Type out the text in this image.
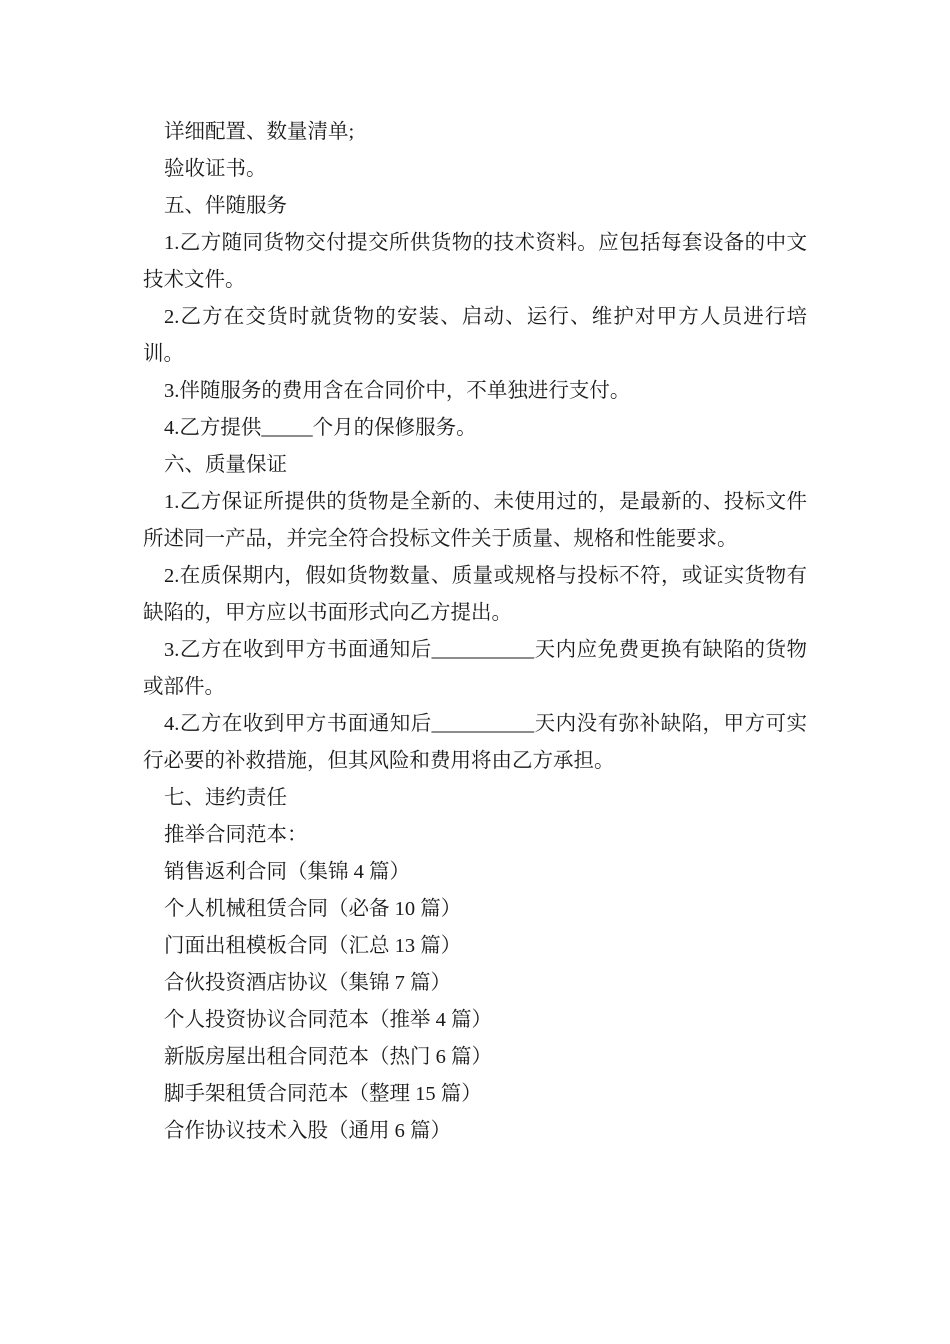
详细配置、数量清单;

验收证书。

五、伴随服务

1.乙方随同货物交付提交所供货物的技术资料。应包括每套设备的中文技术文件。

2.乙方在交货时就货物的安装、启动、运行、维护对甲方人员进行培训。

3.伴随服务的费用含在合同价中，不单独进行支付。

4.乙方提供_____个月的保修服务。

六、质量保证

1.乙方保证所提供的货物是全新的、未使用过的，是最新的、投标文件所述同一产品，并完全符合投标文件关于质量、规格和性能要求。

2.在质保期内，假如货物数量、质量或规格与投标不符，或证实货物有缺陷的，甲方应以书面形式向乙方提出。

3.乙方在收到甲方书面通知后__________天内应免费更换有缺陷的货物或部件。

4.乙方在收到甲方书面通知后__________天内没有弥补缺陷，甲方可实行必要的补救措施，但其风险和费用将由乙方承担。

七、违约责任

推举合同范本：

销售返利合同（集锦 4 篇）

个人机械租赁合同（必备 10 篇）

门面出租模板合同（汇总 13 篇）

合伙投资酒店协议（集锦 7 篇）

个人投资协议合同范本（推举 4 篇）

新版房屋出租合同范本（热门 6 篇）

脚手架租赁合同范本（整理 15 篇）

合作协议技术入股（通用 6 篇）
